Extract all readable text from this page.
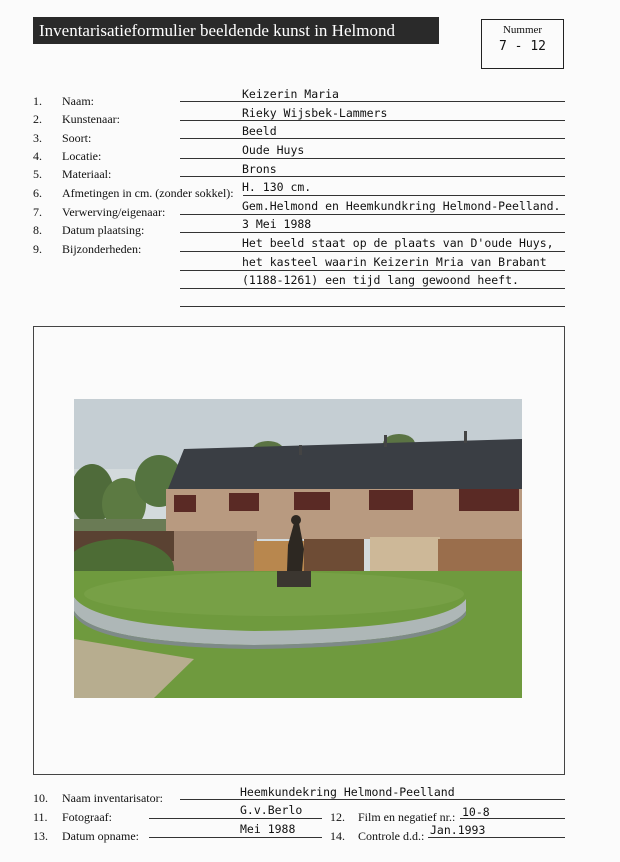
Inventarisatieformulier beeldende kunst in Helmond	Nummer
7 - 12
1. Naam:	Keizerin Maria
2. Kunstenaar:	Rieky Wijsbek-Lammers
3. Soort:	Beeld
4. Locatie:	Oude Huys
5. Materiaal:	Brons
6. Afmetingen in cm. (zonder sokkel): H. 130 cm.
7. Verwerving/eigenaar:	Gem.Helmond en Heemkundkring Helmond-Peelland.
8. Datum plaatsing:	3 Mei 1988
9. Bijzonderheden:	Het beeld staat op de plaats van D'oude Huys,
het kasteel waarin Keizerin Mria van Brabant
(1188-1261) een tijd lang gewoond heeft.
10. Naam inventarisator:	Heemkundekring Helmond-Peelland
11. Fotograaf:	G.v.Berlo 12. Film en negatief nr.: 10-8
13. Datum opname:	Mei 1988	14. Controle d.d.: Jan.1993
